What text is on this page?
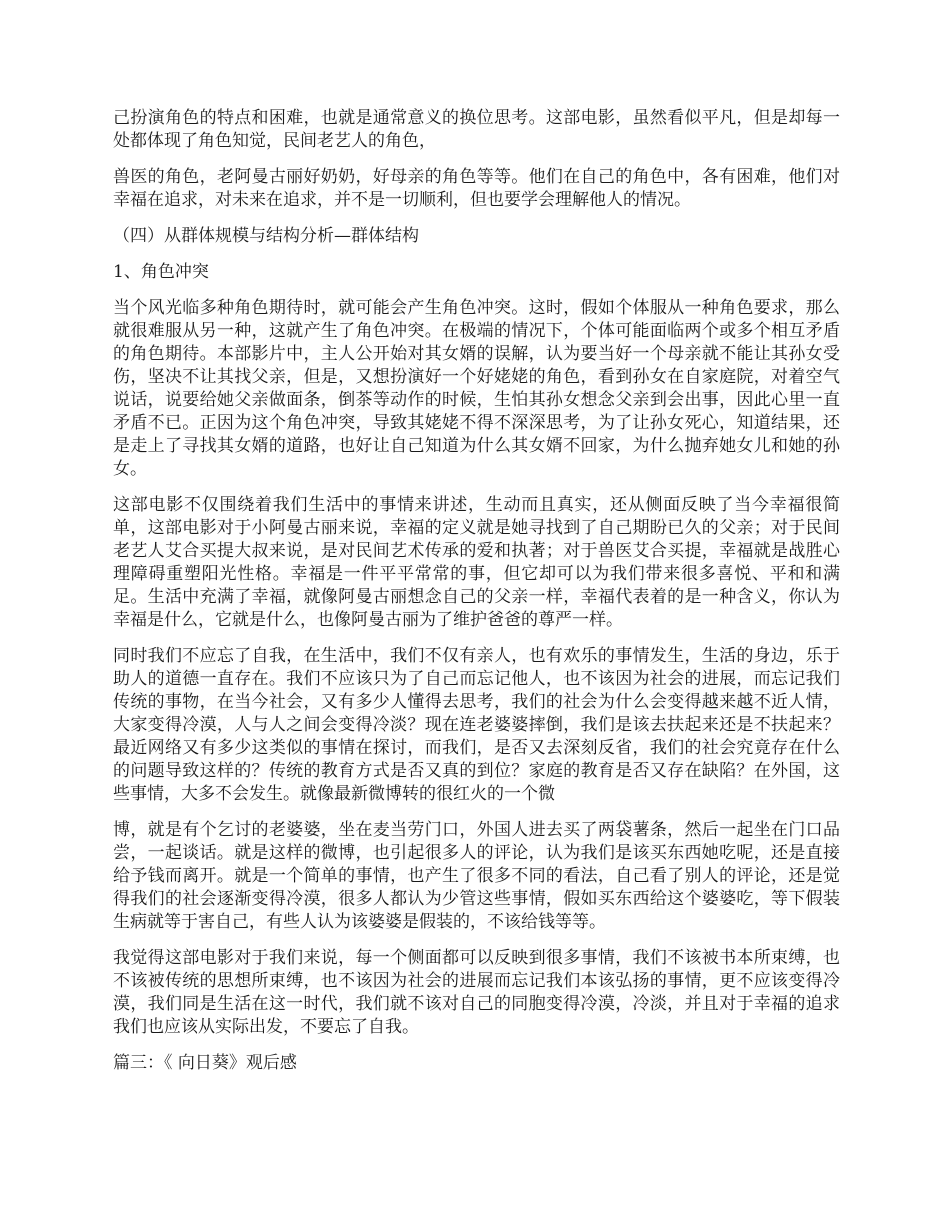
己扮演角色的特点和困难，也就是通常意义的换位思考。这部电影，虽然看似平凡，但是却每一处都体现了角色知觉，民间老艺人的角色，

兽医的角色，老阿曼古丽好奶奶，好母亲的角色等等。他们在自己的角色中，各有困难，他们对幸福在追求，对未来在追求，并不是一切顺利，但也要学会理解他人的情况。

（四）从群体规模与结构分析—群体结构

1、角色冲突

当个风光临多种角色期待时，就可能会产生角色冲突。这时，假如个体服从一种角色要求，那么就很难服从另一种，这就产生了角色冲突。在极端的情况下，个体可能面临两个或多个相互矛盾的角色期待。本部影片中，主人公开始对其女婿的误解，认为要当好一个母亲就不能让其孙女受伤，坚决不让其找父亲，但是，又想扮演好一个好姥姥的角色，看到孙女在自家庭院，对着空气说话，说要给她父亲做面条，倒茶等动作的时候，生怕其孙女想念父亲到会出事，因此心里一直矛盾不已。正因为这个角色冲突，导致其姥姥不得不深深思考，为了让孙女死心，知道结果，还是走上了寻找其女婿的道路，也好让自己知道为什么其女婿不回家，为什么抛弃她女儿和她的孙女。

这部电影不仅围绕着我们生活中的事情来讲述，生动而且真实，还从侧面反映了当今幸福很简单，这部电影对于小阿曼古丽来说，幸福的定义就是她寻找到了自己期盼已久的父亲；对于民间老艺人艾合买提大叔来说，是对民间艺术传承的爱和执著；对于兽医艾合买提，幸福就是战胜心理障碍重塑阳光性格。幸福是一件平平常常的事，但它却可以为我们带来很多喜悦、平和和满足。生活中充满了幸福，就像阿曼古丽想念自己的父亲一样，幸福代表着的是一种含义，你认为幸福是什么，它就是什么，也像阿曼古丽为了维护爸爸的尊严一样。

同时我们不应忘了自我，在生活中，我们不仅有亲人，也有欢乐的事情发生，生活的身边，乐于助人的道德一直存在。我们不应该只为了自己而忘记他人，也不该因为社会的进展，而忘记我们传统的事物，在当今社会，又有多少人懂得去思考，我们的社会为什么会变得越来越不近人情，大家变得冷漠，人与人之间会变得冷淡？现在连老婆婆摔倒，我们是该去扶起来还是不扶起来？最近网络又有多少这类似的事情在探讨，而我们，是否又去深刻反省，我们的社会究竟存在什么的问题导致这样的？传统的教育方式是否又真的到位？家庭的教育是否又存在缺陷？在外国，这些事情，大多不会发生。就像最新微博转的很红火的一个微

博，就是有个乞讨的老婆婆，坐在麦当劳门口，外国人进去买了两袋薯条，然后一起坐在门口品尝，一起谈话。就是这样的微博，也引起很多人的评论，认为我们是该买东西她吃呢，还是直接给予钱而离开。就是一个简单的事情，也产生了很多不同的看法，自己看了别人的评论，还是觉得我们的社会逐渐变得冷漠，很多人都认为少管这些事情，假如买东西给这个婆婆吃，等下假装生病就等于害自己，有些人认为该婆婆是假装的，不该给钱等等。

我觉得这部电影对于我们来说，每一个侧面都可以反映到很多事情，我们不该被书本所束缚，也不该被传统的思想所束缚，也不该因为社会的进展而忘记我们本该弘扬的事情，更不应该变得冷漠，我们同是生活在这一时代，我们就不该对自己的同胞变得冷漠，冷淡，并且对于幸福的追求我们也应该从实际出发，不要忘了自我。

篇三：《 向日葵》观后感
